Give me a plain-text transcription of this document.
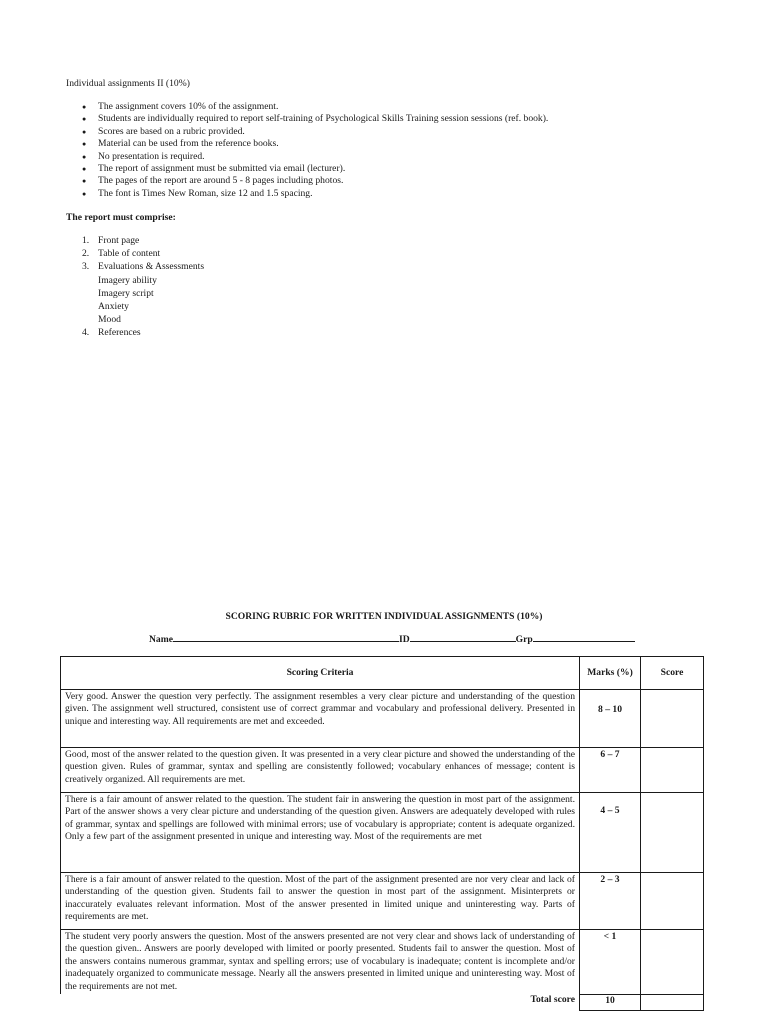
Individual assignments II (10%)
● The assignment covers 10% of the assignment.
● Students are individually required to report self-training of Psychological Skills Training session sessions (ref. book).
● Scores are based on a rubric provided.
● Material can be used from the reference books.
● No presentation is required.
● The report of assignment must be submitted via email (lecturer).
● The pages of the report are around 5 - 8 pages including photos.
● The font is Times New Roman, size 12 and 1.5 spacing.
The report must comprise:
1. Front page
2. Table of content
3. Evaluations & Assessments
Imagery ability
Imagery script
Anxiety
Mood
4. References
SCORING RUBRIC FOR WRITTEN INDIVIDUAL ASSIGNMENTS (10%)
Name	ID	Grp
Scoring Criteria	Marks (%)	Score
Very good. Answer the question very perfectly. The assignment resembles a very clear picture and understanding of the question given. The assignment well structured, consistent use of correct grammar and vocabulary and professional delivery. Presented in unique and interesting way. All requirements are met and exceeded.	8 – 10	
Good, most of the answer related to the question given. It was presented in a very clear picture and showed the understanding of the question given. Rules of grammar, syntax and spelling are consistently followed; vocabulary enhances of message; content is creatively organized. All requirements are met.	6 – 7	
There is a fair amount of answer related to the question. The student fair in answering the question in most part of the assignment. Part of the answer shows a very clear picture and understanding of the question given. Answers are adequately developed with rules of grammar, syntax and spellings are followed with minimal errors; use of vocabulary is appropriate; content is adequate organized. Only a few part of the assignment presented in unique and interesting way. Most of the requirements are met	4 – 5	
There is a fair amount of answer related to the question. Most of the part of the assignment presented are nor very clear and lack of understanding of the question given. Students fail to answer the question in most part of the assignment. Misinterprets or inaccurately evaluates relevant information. Most of the answer presented in limited unique and uninteresting way. Parts of requirements are met.	2 – 3	
The student very poorly answers the question. Most of the answers presented are not very clear and shows lack of understanding of the question given.. Answers are poorly developed with limited or poorly presented. Students fail to answer the question. Most of the answers contains numerous grammar, syntax and spelling errors; use of vocabulary is inadequate; content is incomplete and/or inadequately organized to communicate message. Nearly all the answers presented in limited unique and uninteresting way. Most of the requirements are not met.	< 1	
Total score	10	
